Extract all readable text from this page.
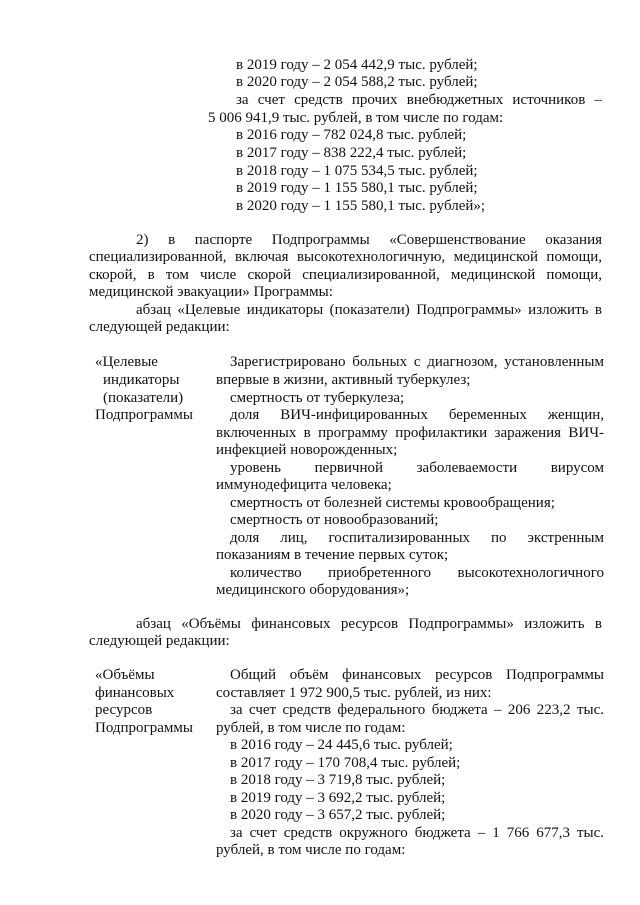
в 2019 году – 2 054 442,9 тыс. рублей;
в 2020 году – 2 054 588,2 тыс. рублей;
за счет средств прочих внебюджетных источников –
5 006 941,9 тыс. рублей, в том числе по годам:
в 2016 году – 782 024,8 тыс. рублей;
в 2017 году – 838 222,4 тыс. рублей;
в 2018 году – 1 075 534,5 тыс. рублей;
в 2019 году – 1 155 580,1 тыс. рублей;
в 2020 году – 1 155 580,1 тыс. рублей»;
2) в паспорте Подпрограммы «Совершенствование оказания
специализированной, включая высокотехнологичную, медицинской помощи,
скорой, в том числе скорой специализированной, медицинской помощи,
медицинской эвакуации» Программы:
абзац «Целевые индикаторы (показатели) Подпрограммы» изложить в
следующей редакции:
«Целевые
индикаторы
(показатели)
Подпрограммы
Зарегистрировано больных с диагнозом, установленным
впервые в жизни, активный туберкулез;
смертность от туберкулеза;
доля ВИЧ-инфицированных беременных женщин,
включенных в программу профилактики заражения ВИЧ-
инфекцией новорожденных;
уровень первичной заболеваемости вирусом
иммунодефицита человека;
смертность от болезней системы кровообращения;
смертность от новообразований;
доля лиц, госпитализированных по экстренным
показаниям в течение первых суток;
количество приобретенного высокотехнологичного
медицинского оборудования»;
абзац «Объёмы финансовых ресурсов Подпрограммы» изложить в
следующей редакции:
«Объёмы
финансовых
ресурсов
Подпрограммы
Общий объём финансовых ресурсов Подпрограммы
составляет 1 972 900,5 тыс. рублей, из них:
за счет средств федерального бюджета – 206 223,2 тыс.
рублей, в том числе по годам:
в 2016 году – 24 445,6 тыс. рублей;
в 2017 году – 170 708,4 тыс. рублей;
в 2018 году – 3 719,8 тыс. рублей;
в 2019 году – 3 692,2 тыс. рублей;
в 2020 году – 3 657,2 тыс. рублей;
за счет средств окружного бюджета – 1 766 677,3 тыс.
рублей, в том числе по годам:
